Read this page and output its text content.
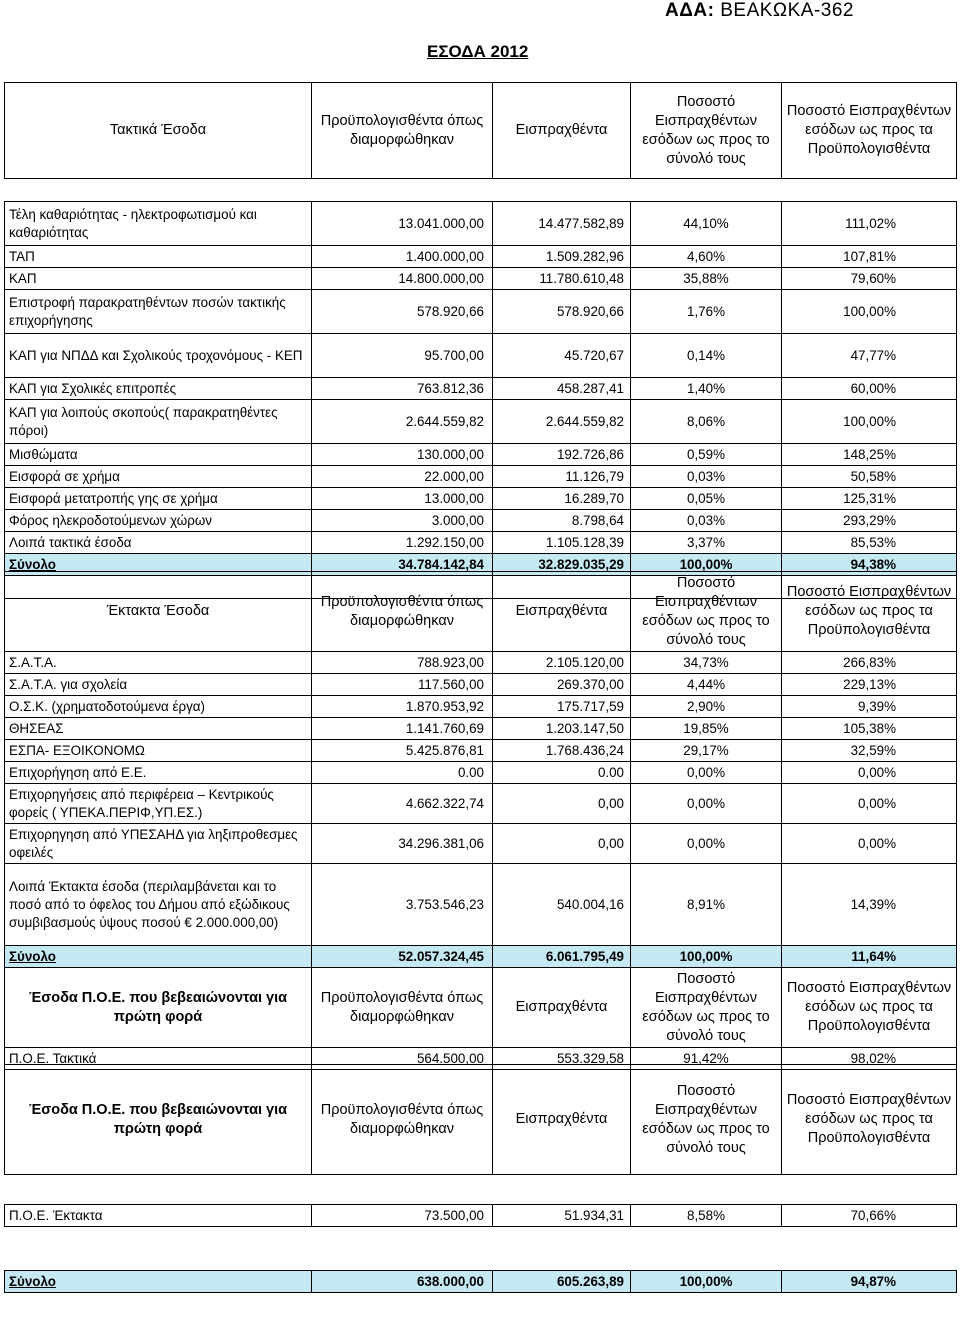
ΑΔΑ: ΒΕΑΚΩΚΑ-362
ΕΣΟΔΑ 2012
Τακτικά Έσοδα	Προϋπολογισθέντα όπως διαμορφώθηκαν	Εισπραχθέντα	Ποσοστό Εισπραχθέντων εσόδων ως προς το σύνολό τους	Ποσοστό Εισπραχθέντων εσόδων ως προς τα Προϋπολογισθέντα

Τέλη καθαριότητας - ηλεκτροφωτισμού και καθαριότητας	13.041.000,00	14.477.582,89	44,10%	111,02%
ΤΑΠ	1.400.000,00	1.509.282,96	4,60%	107,81%
ΚΑΠ	14.800.000,00	11.780.610,48	35,88%	79,60%
Επιστροφή παρακρατηθέντων ποσών τακτικής επιχορήγησης	578.920,66	578.920,66	1,76%	100,00%
ΚΑΠ για ΝΠΔΔ και Σχολικούς τροχονόμους - ΚΕΠ	95.700,00	45.720,67	0,14%	47,77%
ΚΑΠ για Σχολικές επιτροπές	763.812,36	458.287,41	1,40%	60,00%
ΚΑΠ για λοιπούς σκοπούς( παρακρατηθέντες πόροι)	2.644.559,82	2.644.559,82	8,06%	100,00%
Μισθώματα	130.000,00	192.726,86	0,59%	148,25%
Εισφορά σε χρήμα	22.000,00	11.126,79	0,03%	50,58%
Εισφορά μετατροπής γης σε χρήμα	13.000,00	16.289,70	0,05%	125,31%
Φόρος ηλεκροδοτούμενων χώρων	3.000,00	8.798,64	0,03%	293,29%
Λοιπά τακτικά έσοδα	1.292.150,00	1.105.128,39	3,37%	85,53%
Σύνολο	34.784.142,84	32.829.035,29	100,00%	94,38%

Έκτακτα Έσοδα	Προϋπολογισθέντα όπως διαμορφώθηκαν	Εισπραχθέντα	Ποσοστό Εισπραχθέντων εσόδων ως προς το σύνολό τους	Ποσοστό Εισπραχθέντων εσόδων ως προς τα Προϋπολογισθέντα
Σ.Α.Τ.Α.	788.923,00	2.105.120,00	34,73%	266,83%
Σ.Α.Τ.Α. για σχολεία	117.560,00	269.370,00	4,44%	229,13%
Ο.Σ.Κ. (χρηματοδοτούμενα έργα)	1.870.953,92	175.717,59	2,90%	9,39%
ΘΗΣΕΑΣ	1.141.760,69	1.203.147,50	19,85%	105,38%
ΕΣΠΑ- ΕΞΟΙΚΟΝΟΜΩ	5.425.876,81	1.768.436,24	29,17%	32,59%
Επιχορήγηση από Ε.Ε.	0.00	0.00	0,00%	0,00%
Επιχορηγήσεις από περιφέρεια – Κεντρικούς φορείς ( ΥΠΕΚΑ.ΠΕΡΙΦ,ΥΠ.ΕΣ.)	4.662.322,74	0,00	0,00%	0,00%
Επιχορηγηση από ΥΠΕΣΑΗΔ για ληξιπροθεσμες οφειλές	34.296.381,06	0,00	0,00%	0,00%
Λοιπά Έκτακτα έσοδα (περιλαμβάνεται και το ποσό από το όφελος του Δήμου από εξώδικους συμβιβασμούς ύψους ποσού € 2.000.000,00)	3.753.546,23	540.004,16	8,91%	14,39%
Σύνολο	52.057.324,45	6.061.795,49	100,00%	11,64%
Έσοδα Π.Ο.Ε. που βεβεαιώνονται για πρώτη φορά	Προϋπολογισθέντα όπως διαμορφώθηκαν	Εισπραχθέντα	Ποσοστό Εισπραχθέντων εσόδων ως προς το σύνολό τους	Ποσοστό Εισπραχθέντων εσόδων ως προς τα Προϋπολογισθέντα
Π.Ο.Ε. Τακτικά	564.500,00	553.329,58	91,42%	98,02%
Έσοδα Π.Ο.Ε. που βεβεαιώνονται για πρώτη φορά	Προϋπολογισθέντα όπως διαμορφώθηκαν	Εισπραχθέντα	Ποσοστό Εισπραχθέντων εσόδων ως προς το σύνολό τους	Ποσοστό Εισπραχθέντων εσόδων ως προς τα Προϋπολογισθέντα

Π.Ο.Ε. Έκτακτα	73.500,00	51.934,31	8,58%	70,66%

Σύνολο	638.000,00	605.263,89	100,00%	94,87%
